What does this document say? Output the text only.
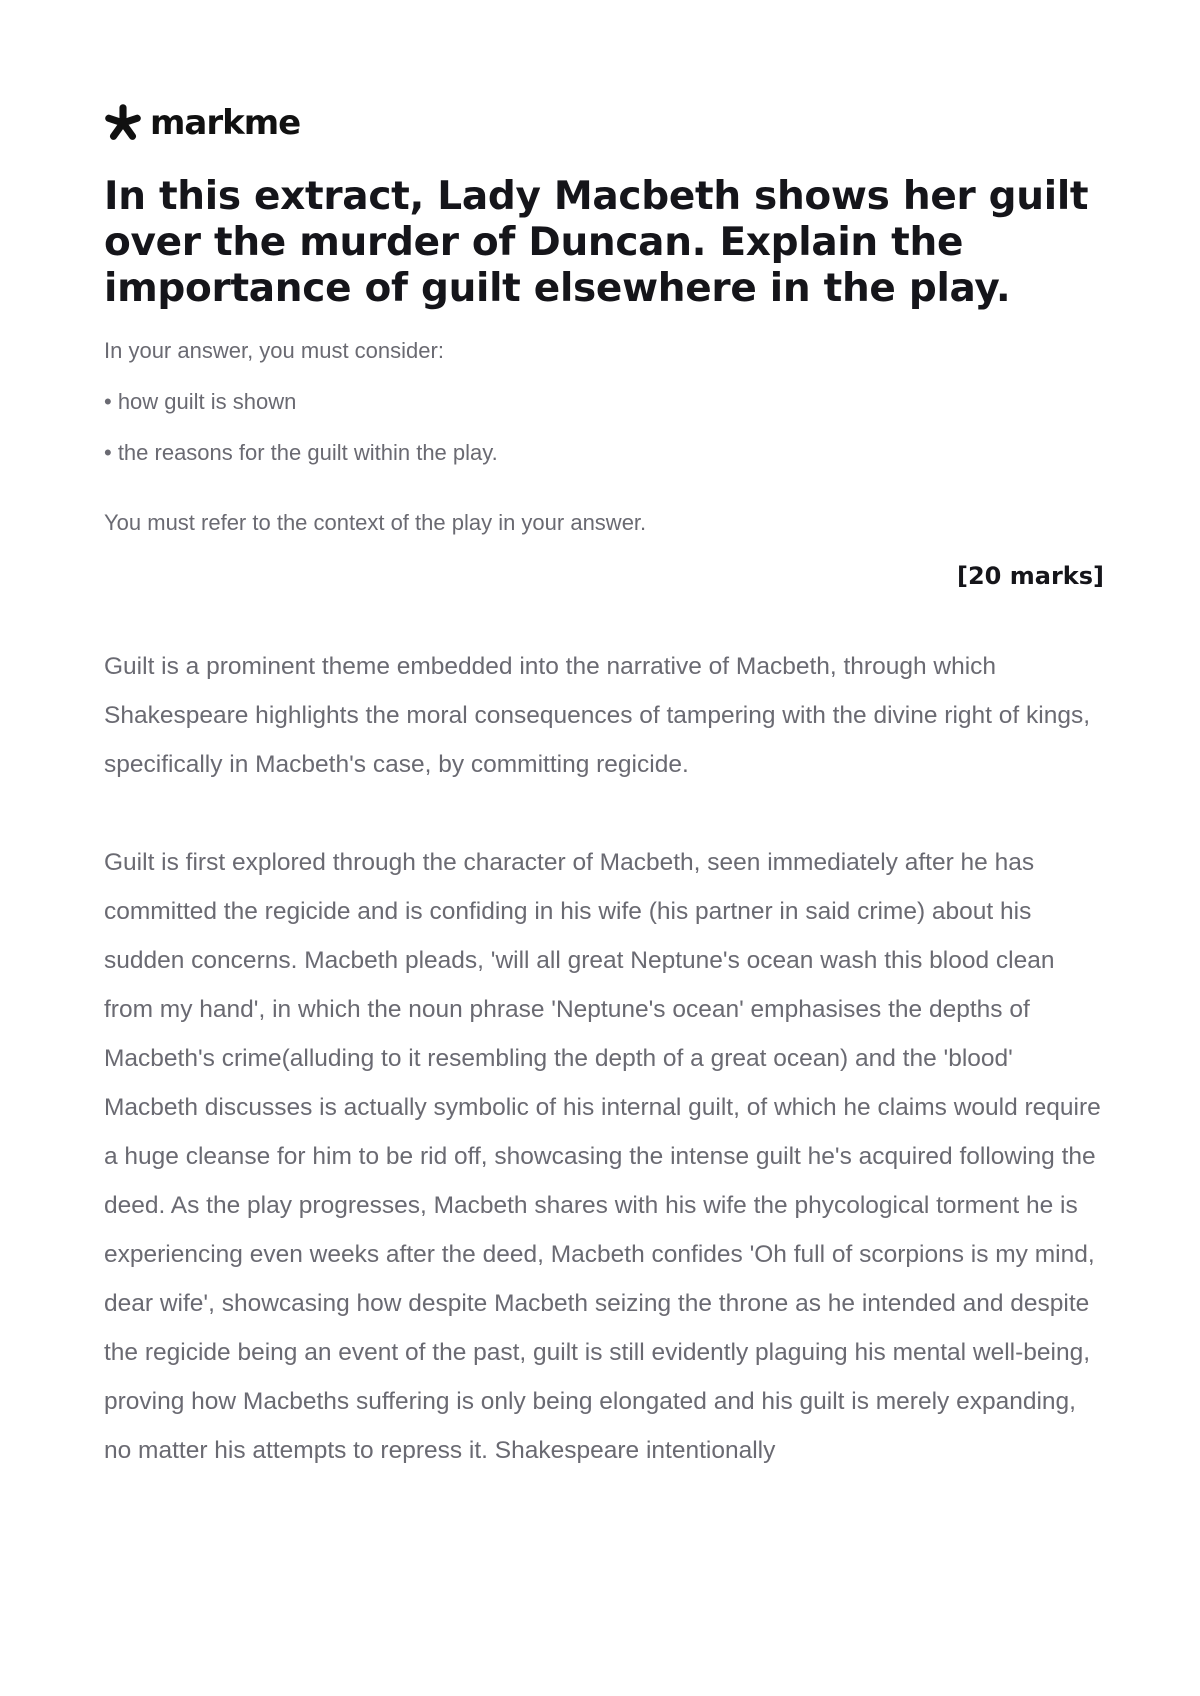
markme
In this extract, Lady Macbeth shows her guilt over the murder of Duncan. Explain the importance of guilt elsewhere in the play.

In your answer, you must consider:

• how guilt is shown

• the reasons for the guilt within the play.

You must refer to the context of the play in your answer.

[20 marks]

Guilt is a prominent theme embedded into the narrative of Macbeth, through which Shakespeare highlights the moral consequences of tampering with the divine right of kings, specifically in Macbeth's case, by committing regicide.

Guilt is first explored through the character of Macbeth, seen immediately after he has committed the regicide and is confiding in his wife (his partner in said crime) about his sudden concerns. Macbeth pleads, 'will all great Neptune's ocean wash this blood clean from my hand', in which the noun phrase 'Neptune's ocean' emphasises the depths of Macbeth's crime(alluding to it resembling the depth of a great ocean) and the 'blood' Macbeth discusses is actually symbolic of his internal guilt, of which he claims would require a huge cleanse for him to be rid off, showcasing the intense guilt he's acquired following the deed. As the play progresses, Macbeth shares with his wife the phycological torment he is experiencing even weeks after the deed, Macbeth confides 'Oh full of scorpions is my mind, dear wife', showcasing how despite Macbeth seizing the throne as he intended and despite the regicide being an event of the past, guilt is still evidently plaguing his mental well-being, proving how Macbeths suffering is only being elongated and his guilt is merely expanding, no matter his attempts to repress it. Shakespeare intentionally
